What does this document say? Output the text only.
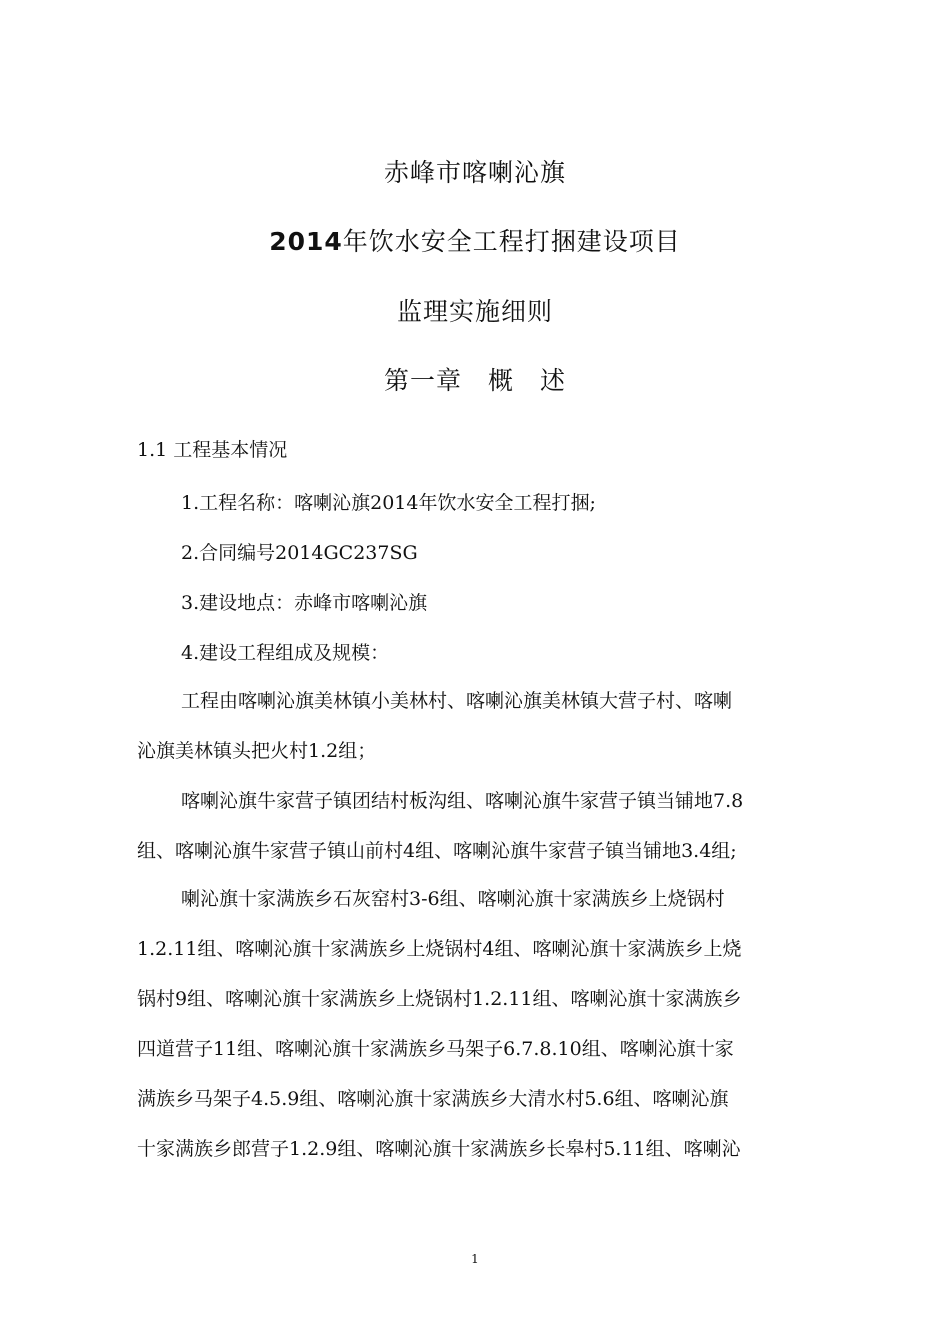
赤峰市喀喇沁旗
2014年饮水安全工程打捆建设项目
监理实施细则
第一章　概　述
1.1 工程基本情况
1.工程名称：喀喇沁旗2014年饮水安全工程打捆;
2.合同编号2014GC237SG
3.建设地点：赤峰市喀喇沁旗
4.建设工程组成及规模：
工程由喀喇沁旗美林镇小美林村、喀喇沁旗美林镇大营子村、喀喇
沁旗美林镇头把火村1.2组；
喀喇沁旗牛家营子镇团结村板沟组、喀喇沁旗牛家营子镇当铺地7.8
组、喀喇沁旗牛家营子镇山前村4组、喀喇沁旗牛家营子镇当铺地3.4组;
喇沁旗十家满族乡石灰窑村3-6组、喀喇沁旗十家满族乡上烧锅村
1.2.11组、喀喇沁旗十家满族乡上烧锅村4组、喀喇沁旗十家满族乡上烧
锅村9组、喀喇沁旗十家满族乡上烧锅村1.2.11组、喀喇沁旗十家满族乡
四道营子11组、喀喇沁旗十家满族乡马架子6.7.8.10组、喀喇沁旗十家
满族乡马架子4.5.9组、喀喇沁旗十家满族乡大清水村5.6组、喀喇沁旗
十家满族乡郎营子1.2.9组、喀喇沁旗十家满族乡长皋村5.11组、喀喇沁
1
